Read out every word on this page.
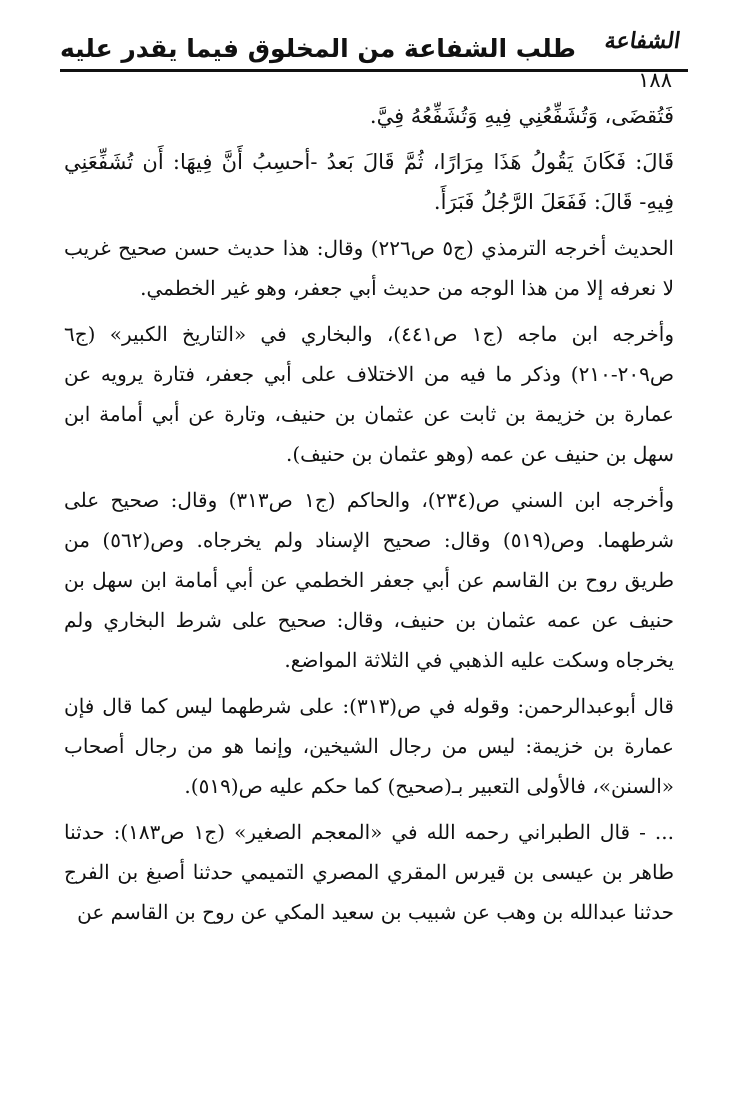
الشفاعة
طلب الشفاعة من المخلوق فيما يقدر عليه
١٨٨

فَتُقضَى، وَتُشَفِّعُنِي فِيهِ وَتُشَفِّعُهُ فِيَّ.

قَالَ: فَكَانَ يَقُولُ هَذَا مِرَارًا، ثُمَّ قَالَ بَعدُ -أحسِبُ أَنَّ فِيهَا: أَن تُشَفِّعَنِي فِيهِ- قَالَ: فَفَعَلَ الرَّجُلُ فَبَرَأَ.

الحديث أخرجه الترمذي (ج٥ ص٢٢٦) وقال: هذا حديث حسن صحيح غريب لا نعرفه إلا من هذا الوجه من حديث أبي جعفر، وهو غير الخطمي.

وأخرجه ابن ماجه (ج١ ص٤٤١)، والبخاري في «التاريخ الكبير» (ج٦ ص٢٠٩-٢١٠) وذكر ما فيه من الاختلاف على أبي جعفر، فتارة يرويه عن عمارة بن خزيمة بن ثابت عن عثمان بن حنيف، وتارة عن أبي أمامة ابن سهل بن حنيف عن عمه (وهو عثمان بن حنيف).

وأخرجه ابن السني ص(٢٣٤)، والحاكم (ج١ ص٣١٣) وقال: صحيح على شرطهما. وص(٥١٩) وقال: صحيح الإسناد ولم يخرجاه. وص(٥٦٢) من طريق روح بن القاسم عن أبي جعفر الخطمي عن أبي أمامة ابن سهل بن حنيف عن عمه عثمان بن حنيف، وقال: صحيح على شرط البخاري ولم يخرجاه وسكت عليه الذهبي في الثلاثة المواضع.

قال أبوعبدالرحمن: وقوله في ص(٣١٣): على شرطهما ليس كما قال فإن عمارة بن خزيمة: ليس من رجال الشيخين، وإنما هو من رجال أصحاب «السنن»، فالأولى التعبير بـ(صحيح) كما حكم عليه ص(٥١٩).

... - قال الطبراني رحمه الله في «المعجم الصغير» (ج١ ص١٨٣): حدثنا طاهر بن عيسى بن قيرس المقري المصري التميمي حدثنا أصبغ بن الفرج حدثنا عبدالله بن وهب عن شبيب بن سعيد المكي عن روح بن القاسم عن
